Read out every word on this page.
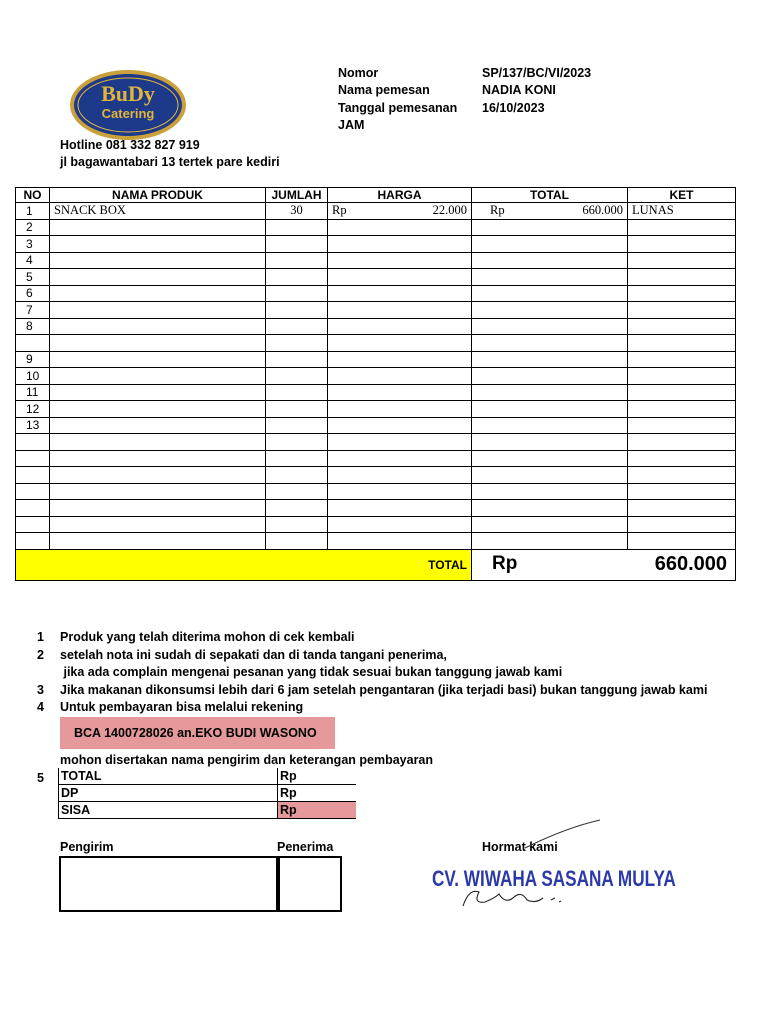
BuDy
Catering
Nomor	SP/137/BC/VI/2023
Nama pemesan	NADIA KONI
Tanggal pemesanan 16/10/2023
JAM
Hotline 081 332 827 919
jl bagawantabari 13 tertek pare kediri
NO	NAMA PRODUK	JUMLAH	HARGA	TOTAL	KET
1	SNACK BOX	30	Rp 22.000	Rp 660.000	LUNAS
2					
3					
4					
5					
6					
7					
8					

9					
10					
11					
12					
13					

TOTAL				Rp 660.000	
1 Produk yang telah diterima mohon di cek kembali
2 setelah nota ini sudah di sepakati dan di tanda tangani penerima,
jika ada complain mengenai pesanan yang tidak sesuai bukan tanggung jawab kami
3 Jika makanan dikonsumsi lebih dari 6 jam setelah pengantaran (jika terjadi basi) bukan tanggung jawab kami
4 Untuk pembayaran bisa melalui rekening
BCA 1400728026 an.EKO BUDI WASONO
mohon disertakan nama pengirim dan keterangan pembayaran
5 TOTAL	Rp
DP	Rp
SISA	Rp
Pengirim	Penerima	Hormat kami
CV. WIWAHA SASANA MULYA
